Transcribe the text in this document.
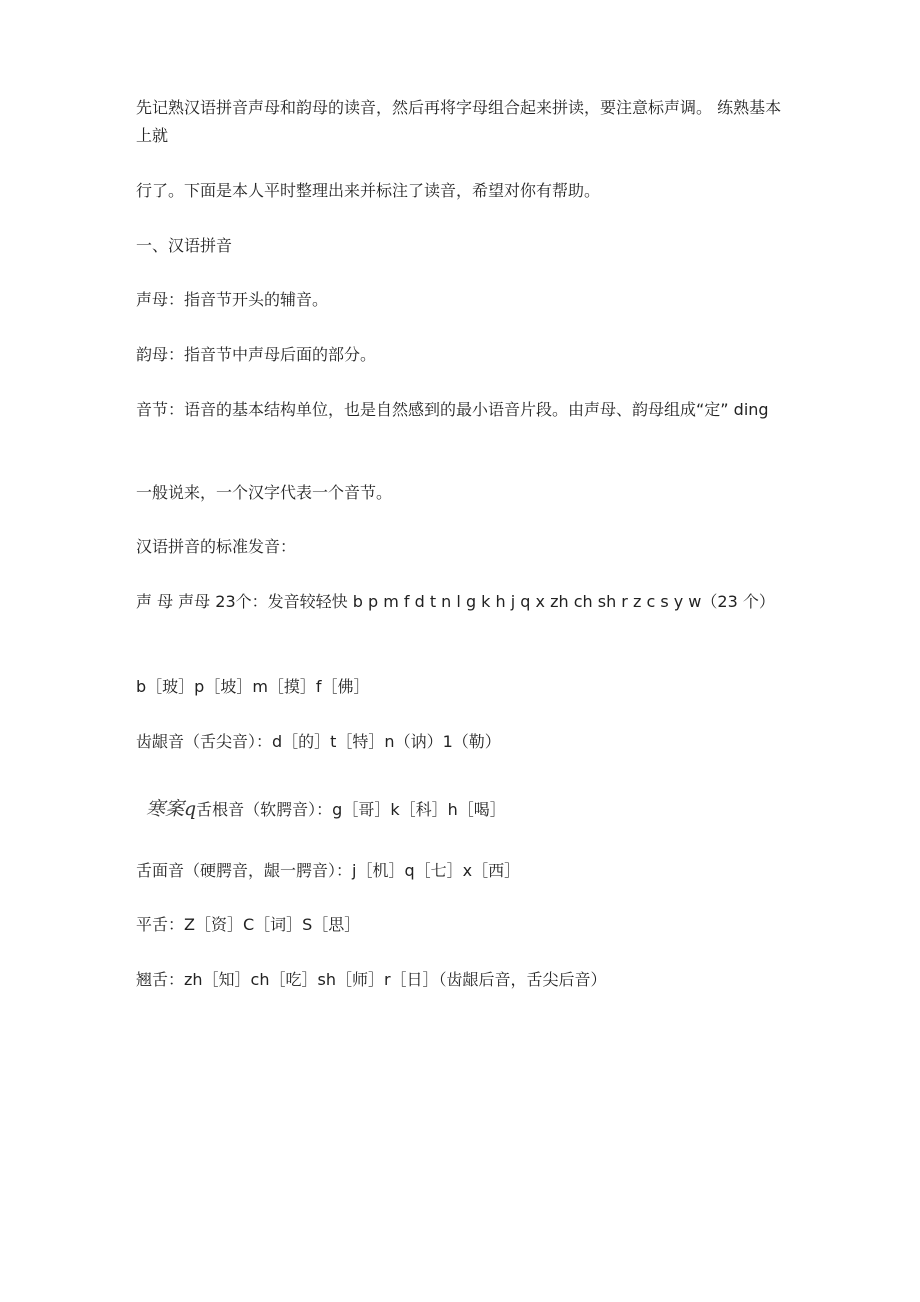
先记熟汉语拼音声母和韵母的读音，然后再将字母组合起来拼读，要注意标声调。 练熟基本上就
行了。下面是本人平时整理出来并标注了读音，希望对你有帮助。
一、汉语拼音
声母：指音节开头的辅音。
韵母：指音节中声母后面的部分。
音节：语音的基本结构单位，也是自然感到的最小语音片段。由声母、韵母组成“定” ding
一般说来，一个汉字代表一个音节。
汉语拼音的标准发音：
声 母 声母 23个：发音较轻快 b p m f d t n l g k h j q x zh ch sh r z c s y w（23 个）
b［玻］p［坡］m［摸］f［佛］
齿龈音（舌尖音）：d［的］t［特］n（讷）1（勒）
寒案q舌根音（软腭音）：g［哥］k［科］h［喝］
舌面音（硬腭音，龈一腭音）：j［机］q［七］x［西］
平舌：Z［资］C［词］S［思］
翘舌：zh［知］ch［吃］sh［师］r［日］（齿龈后音，舌尖后音）
